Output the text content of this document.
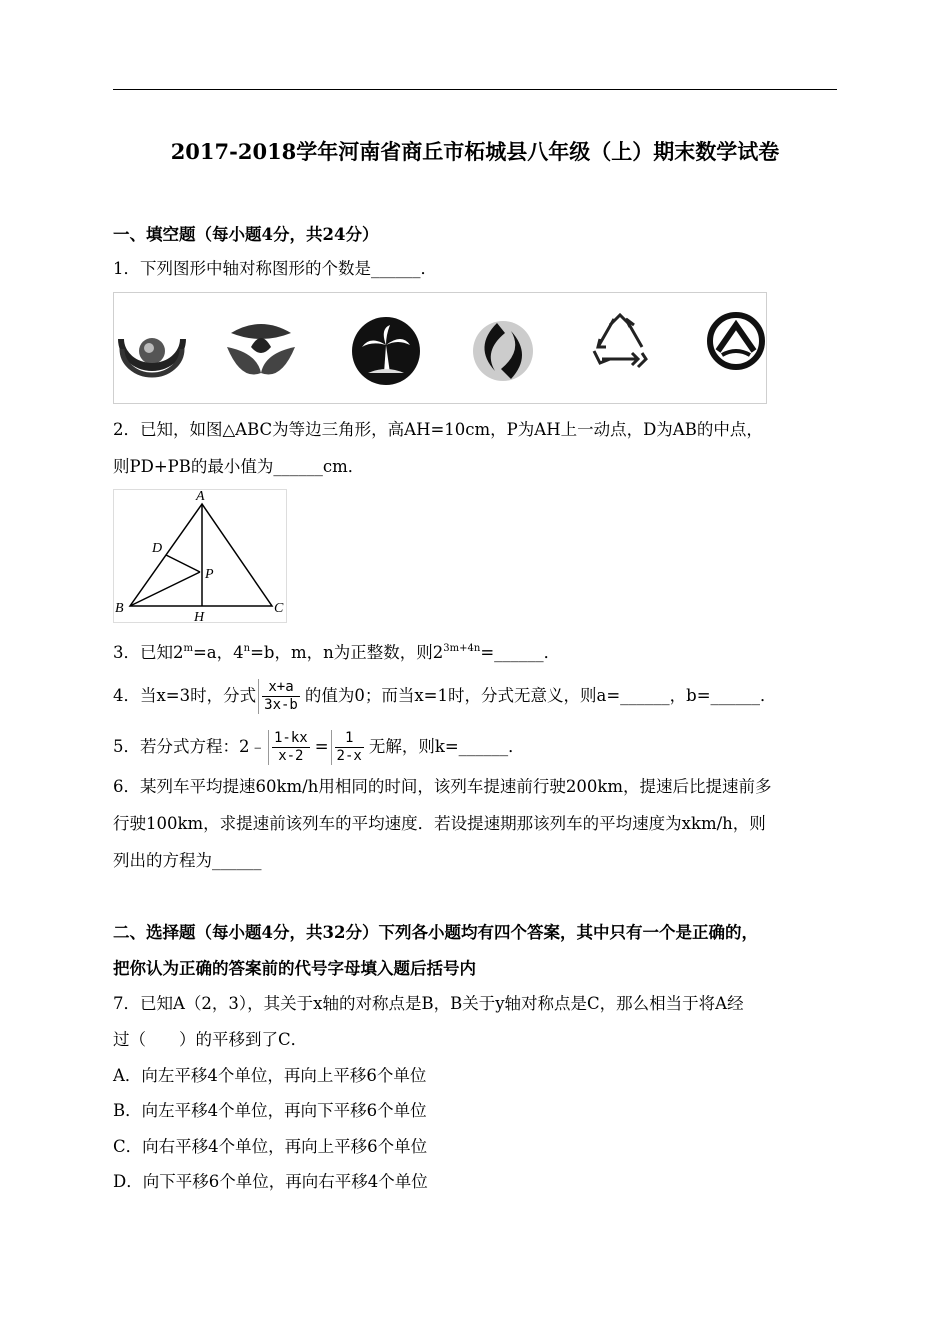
2017-2018学年河南省商丘市柘城县八年级（上）期末数学试卷
一、填空题（每小题4分，共24分）
1．下列图形中轴对称图形的个数是______．
2．已知，如图△ABC为等边三角形，高AH=10cm，P为AH上一动点，D为AB的中点，
则PD+PB的最小值为______cm．
A
B	C
D
P
H
3．已知$2^m=a$，$4^n=b$，m，n为正整数，则$2^{3m+4n}=\_\_\_\_\_\_$．
4．当x=3时，分式 $\frac{x+a}{3x-b}$ 的值为0；而当x=1时，分式无意义，则a=______，b=______．
5．若分式方程：2﹣ $\frac{1-kx}{x-2} = \frac{1}{2-x}$ 无解，则k=______．
6．某列车平均提速60km/h用相同的时间，该列车提速前行驶200km，提速后比提速前多
行驶100km，求提速前该列车的平均速度．若设提速期那该列车的平均速度为xkm/h，则
列出的方程为______
二、选择题（每小题4分，共32分）下列各小题均有四个答案，其中只有一个是正确的，
把你认为正确的答案前的代号字母填入题后括号内
7．已知A（2，3），其关于x轴的对称点是B，B关于y轴对称点是C，那么相当于将A经
过（　　）的平移到了C．
A．向左平移4个单位，再向上平移6个单位
B．向左平移4个单位，再向下平移6个单位
C．向右平移4个单位，再向上平移6个单位
D．向下平移6个单位，再向右平移4个单位
